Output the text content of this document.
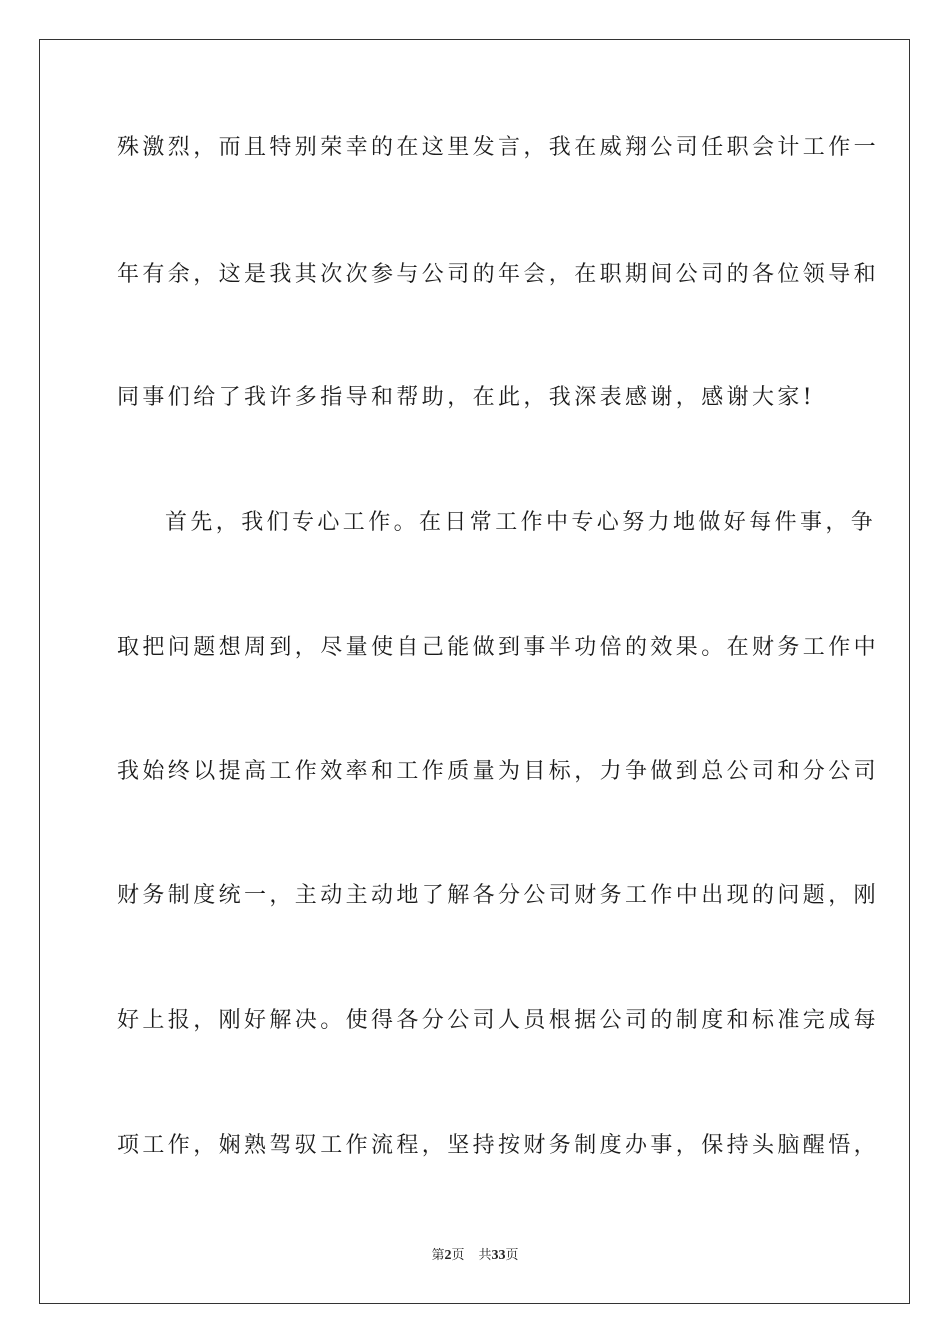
殊激烈，而且特别荣幸的在这里发言，我在威翔公司任职会计工作一
年有余，这是我其次次参与公司的年会，在职期间公司的各位领导和
同事们给了我许多指导和帮助，在此，我深表感谢，感谢大家!
首先，我们专心工作。在日常工作中专心努力地做好每件事，争
取把问题想周到，尽量使自己能做到事半功倍的效果。在财务工作中
我始终以提高工作效率和工作质量为目标，力争做到总公司和分公司
财务制度统一，主动主动地了解各分公司财务工作中出现的问题，刚
好上报，刚好解决。使得各分公司人员根据公司的制度和标准完成每
项工作，娴熟驾驭工作流程，坚持按财务制度办事，保持头脑醒悟，
第2页 共33页
